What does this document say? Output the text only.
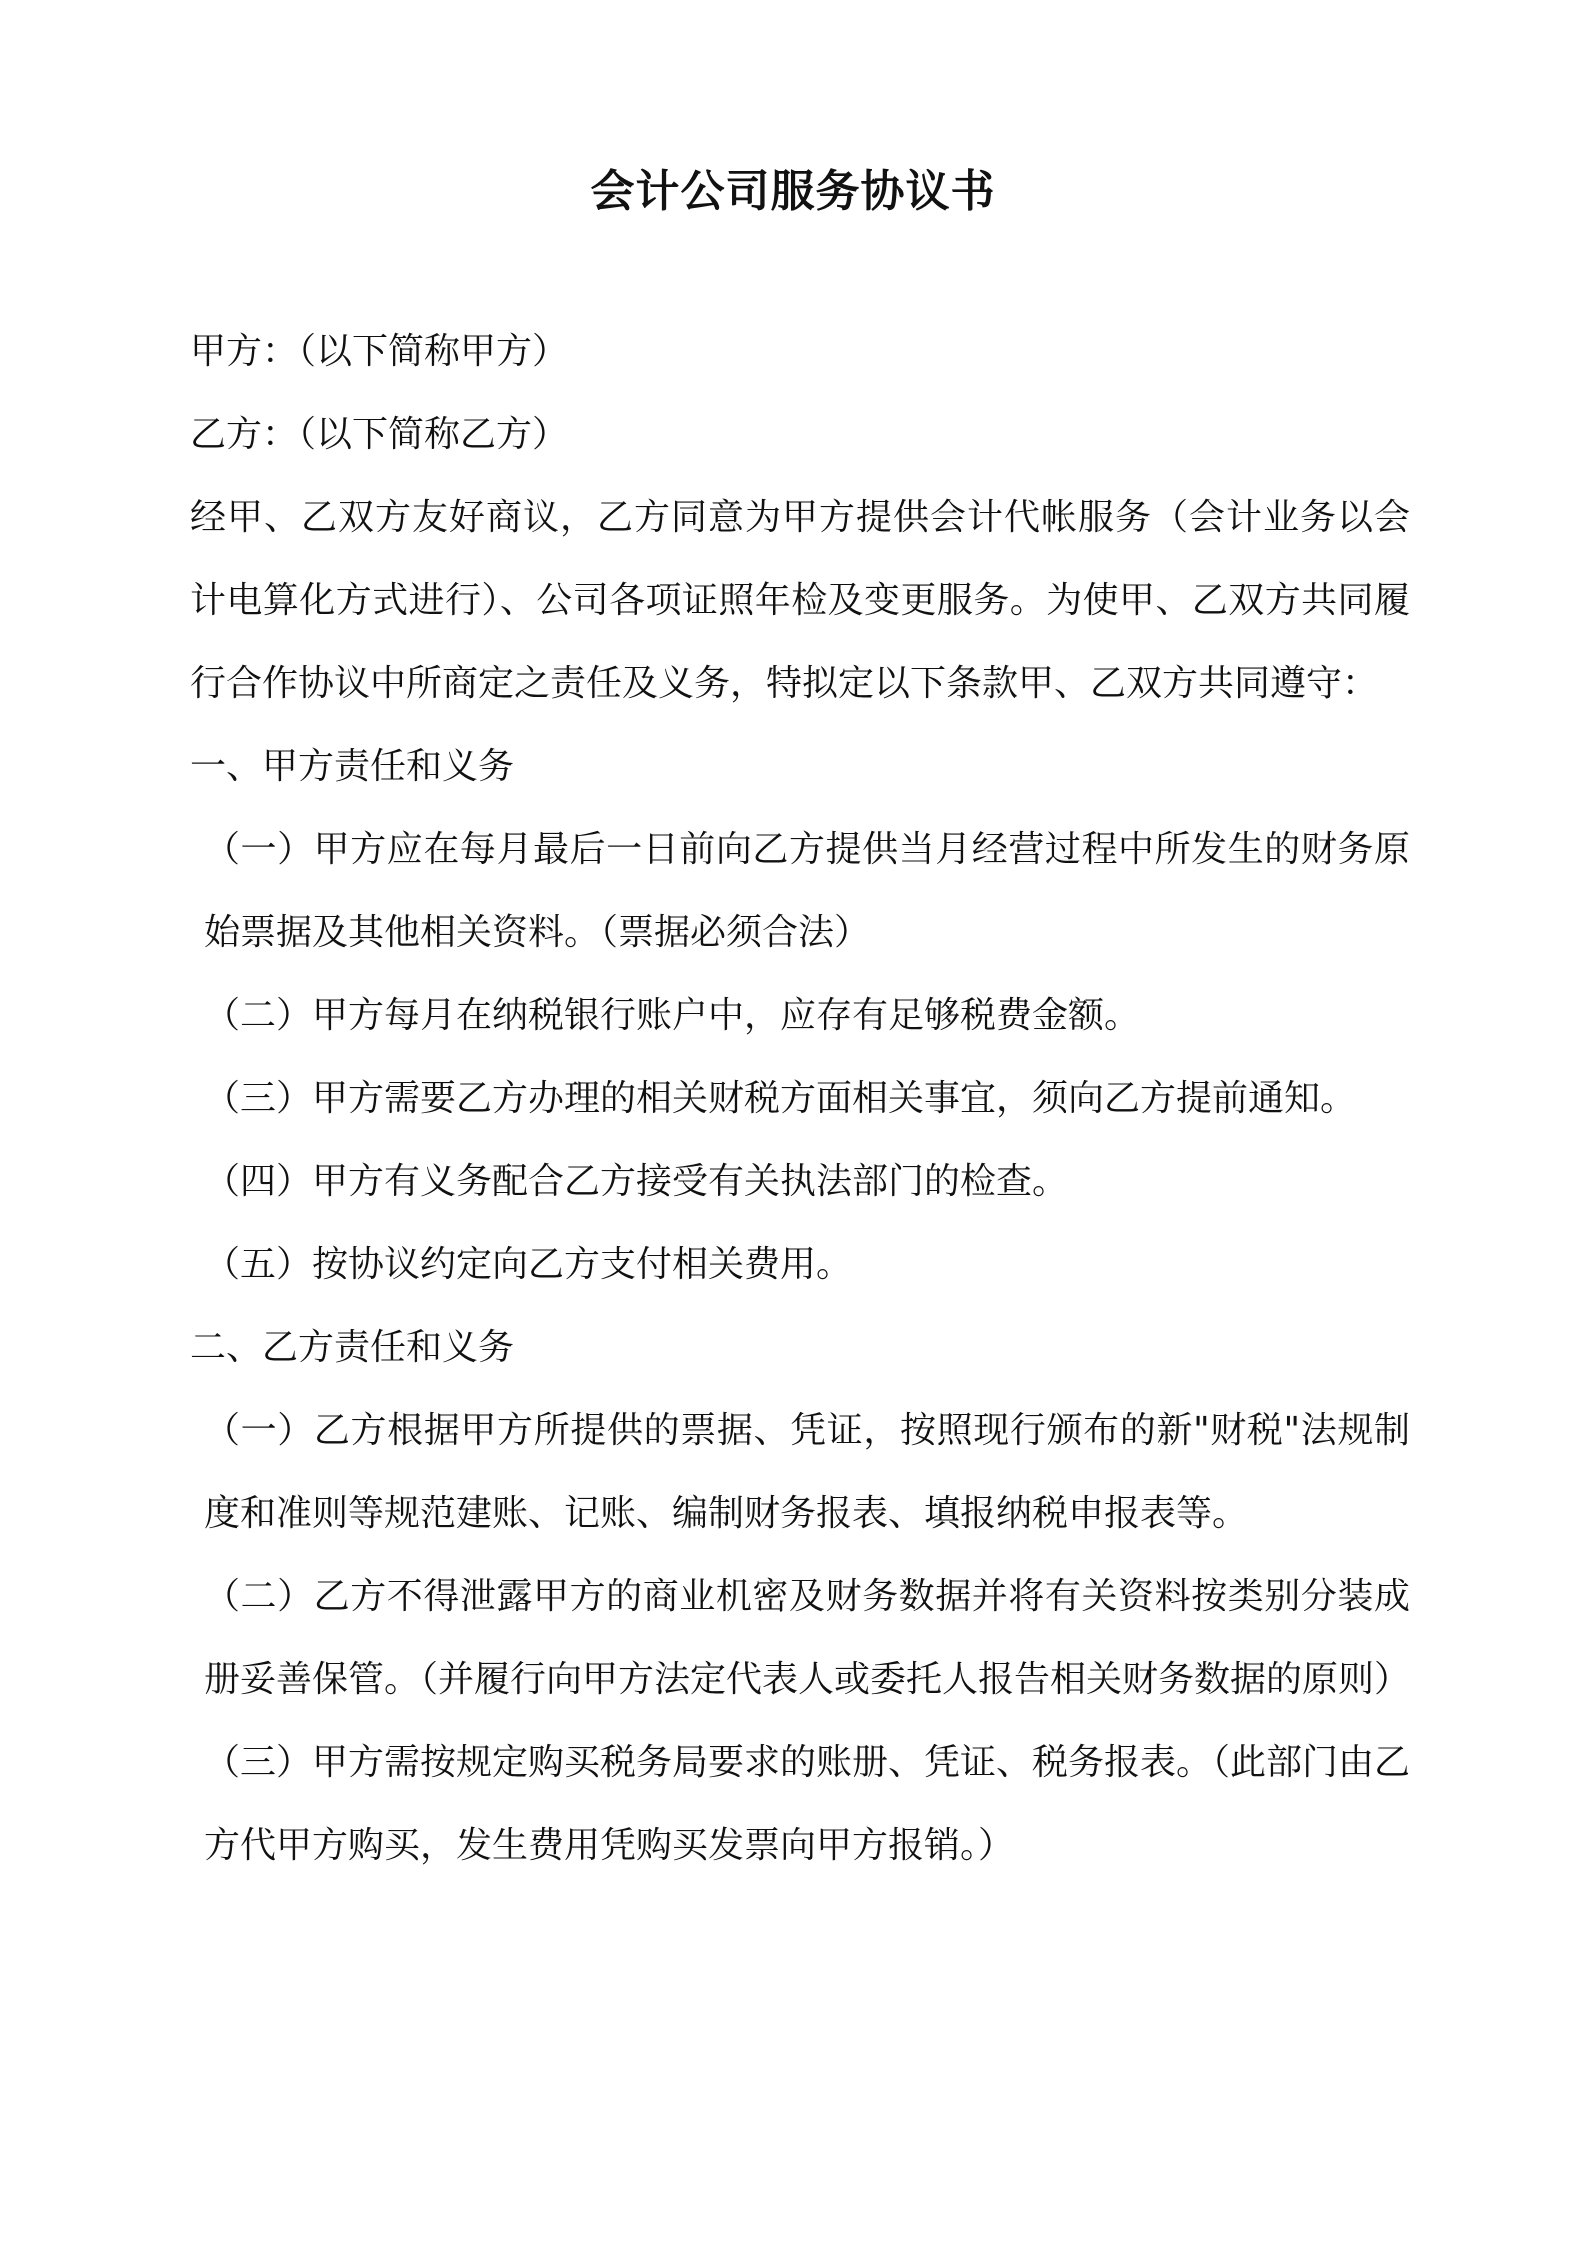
会计公司服务协议书

甲方：（以下简称甲方）

乙方：（以下简称乙方）

经甲、乙双方友好商议，乙方同意为甲方提供会计代帐服务（会计业务以会计电算化方式进行）、公司各项证照年检及变更服务。为使甲、乙双方共同履行合作协议中所商定之责任及义务，特拟定以下条款甲、乙双方共同遵守：

一、甲方责任和义务

（一）甲方应在每月最后一日前向乙方提供当月经营过程中所发生的财务原始票据及其他相关资料。（票据必须合法）

（二）甲方每月在纳税银行账户中，应存有足够税费金额。

（三）甲方需要乙方办理的相关财税方面相关事宜，须向乙方提前通知。

（四）甲方有义务配合乙方接受有关执法部门的检查。

（五）按协议约定向乙方支付相关费用。

二、乙方责任和义务

（一）乙方根据甲方所提供的票据、凭证，按照现行颁布的新"财税"法规制度和准则等规范建账、记账、编制财务报表、填报纳税申报表等。

（二）乙方不得泄露甲方的商业机密及财务数据并将有关资料按类别分装成册妥善保管。（并履行向甲方法定代表人或委托人报告相关财务数据的原则）

（三）甲方需按规定购买税务局要求的账册、凭证、税务报表。（此部门由乙方代甲方购买，发生费用凭购买发票向甲方报销。）
